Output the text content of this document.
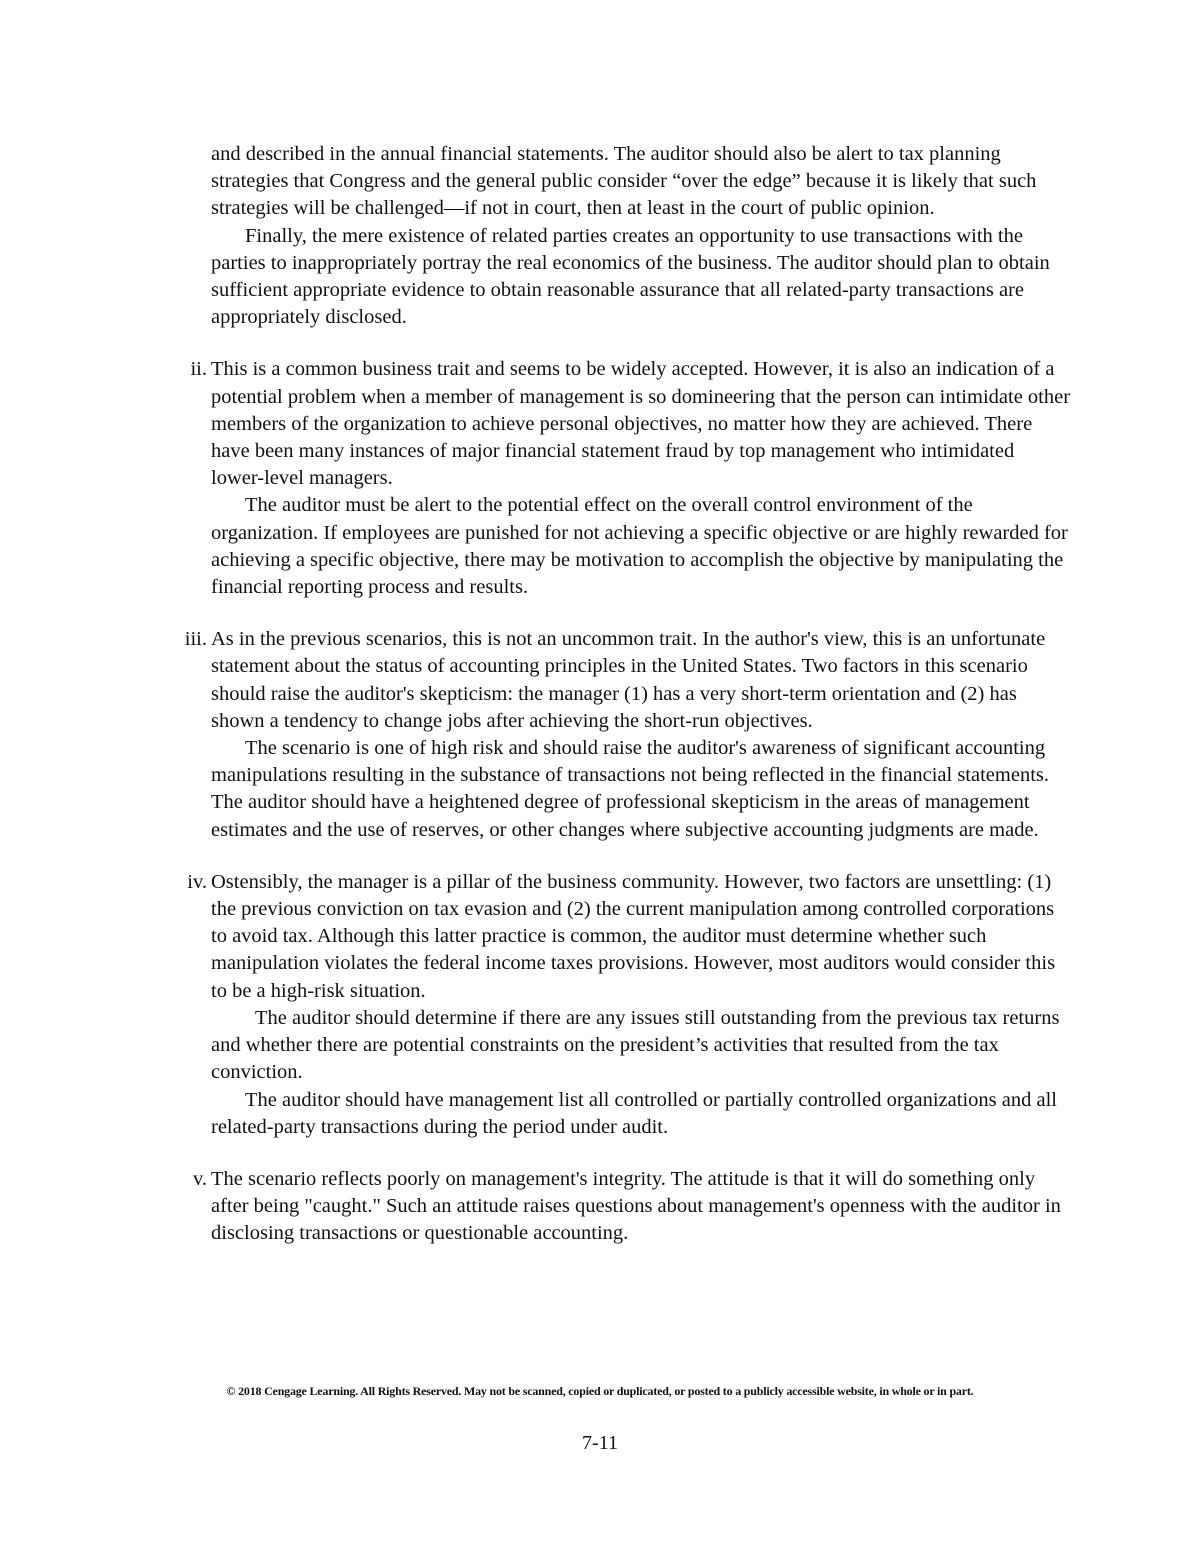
and described in the annual financial statements. The auditor should also be alert to tax planning strategies that Congress and the general public consider “over the edge” because it is likely that such strategies will be challenged—if not in court, then at least in the court of public opinion.

Finally, the mere existence of related parties creates an opportunity to use transactions with the parties to inappropriately portray the real economics of the business. The auditor should plan to obtain sufficient appropriate evidence to obtain reasonable assurance that all related-party transactions are appropriately disclosed.

ii. This is a common business trait and seems to be widely accepted. However, it is also an indication of a potential problem when a member of management is so domineering that the person can intimidate other members of the organization to achieve personal objectives, no matter how they are achieved. There have been many instances of major financial statement fraud by top management who intimidated lower-level managers.

The auditor must be alert to the potential effect on the overall control environment of the organization. If employees are punished for not achieving a specific objective or are highly rewarded for achieving a specific objective, there may be motivation to accomplish the objective by manipulating the financial reporting process and results.

iii. As in the previous scenarios, this is not an uncommon trait. In the author's view, this is an unfortunate statement about the status of accounting principles in the United States. Two factors in this scenario should raise the auditor's skepticism: the manager (1) has a very short-term orientation and (2) has shown a tendency to change jobs after achieving the short-run objectives.

The scenario is one of high risk and should raise the auditor's awareness of significant accounting manipulations resulting in the substance of transactions not being reflected in the financial statements. The auditor should have a heightened degree of professional skepticism in the areas of management estimates and the use of reserves, or other changes where subjective accounting judgments are made.

iv. Ostensibly, the manager is a pillar of the business community. However, two factors are unsettling: (1) the previous conviction on tax evasion and (2) the current manipulation among controlled corporations to avoid tax. Although this latter practice is common, the auditor must determine whether such manipulation violates the federal income taxes provisions. However, most auditors would consider this to be a high-risk situation.

The auditor should determine if there are any issues still outstanding from the previous tax returns and whether there are potential constraints on the president’s activities that resulted from the tax conviction.

The auditor should have management list all controlled or partially controlled organizations and all related-party transactions during the period under audit.

v. The scenario reflects poorly on management's integrity. The attitude is that it will do something only after being "caught." Such an attitude raises questions about management's openness with the auditor in disclosing transactions or questionable accounting.

© 2018 Cengage Learning. All Rights Reserved. May not be scanned, copied or duplicated, or posted to a publicly accessible website, in whole or in part.
7-11
